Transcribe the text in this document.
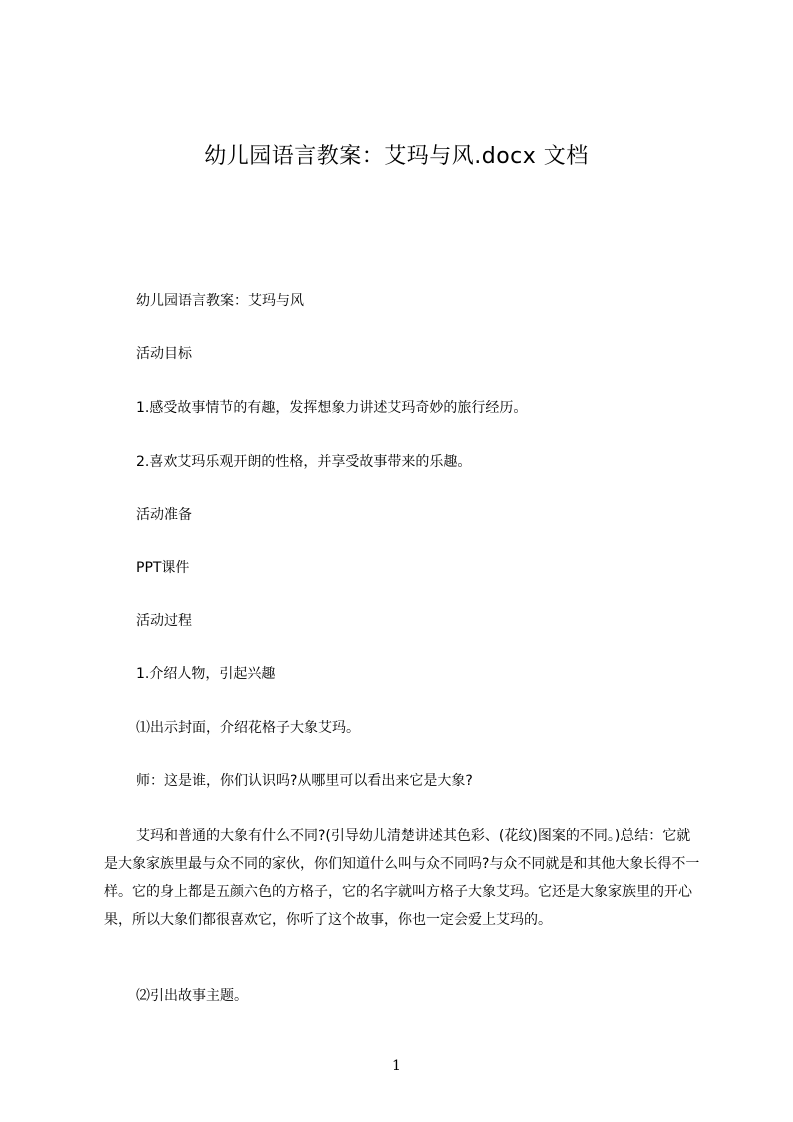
幼儿园语言教案：艾玛与风.docx 文档
幼儿园语言教案：艾玛与风
活动目标
1.感受故事情节的有趣，发挥想象力讲述艾玛奇妙的旅行经历。
2.喜欢艾玛乐观开朗的性格，并享受故事带来的乐趣。
活动准备
PPT课件
活动过程
1.介绍人物，引起兴趣
⑴出示封面，介绍花格子大象艾玛。
师：这是谁，你们认识吗?从哪里可以看出来它是大象?
艾玛和普通的大象有什么不同?(引导幼儿清楚讲述其色彩、(花纹)图案的不同。)总结：它就是大象家族里最与众不同的家伙，你们知道什么叫与众不同吗?与众不同就是和其他大象长得不一样。它的身上都是五颜六色的方格子，它的名字就叫方格子大象艾玛。它还是大象家族里的开心果，所以大象们都很喜欢它，你听了这个故事，你也一定会爱上艾玛的。
⑵引出故事主题。
1
